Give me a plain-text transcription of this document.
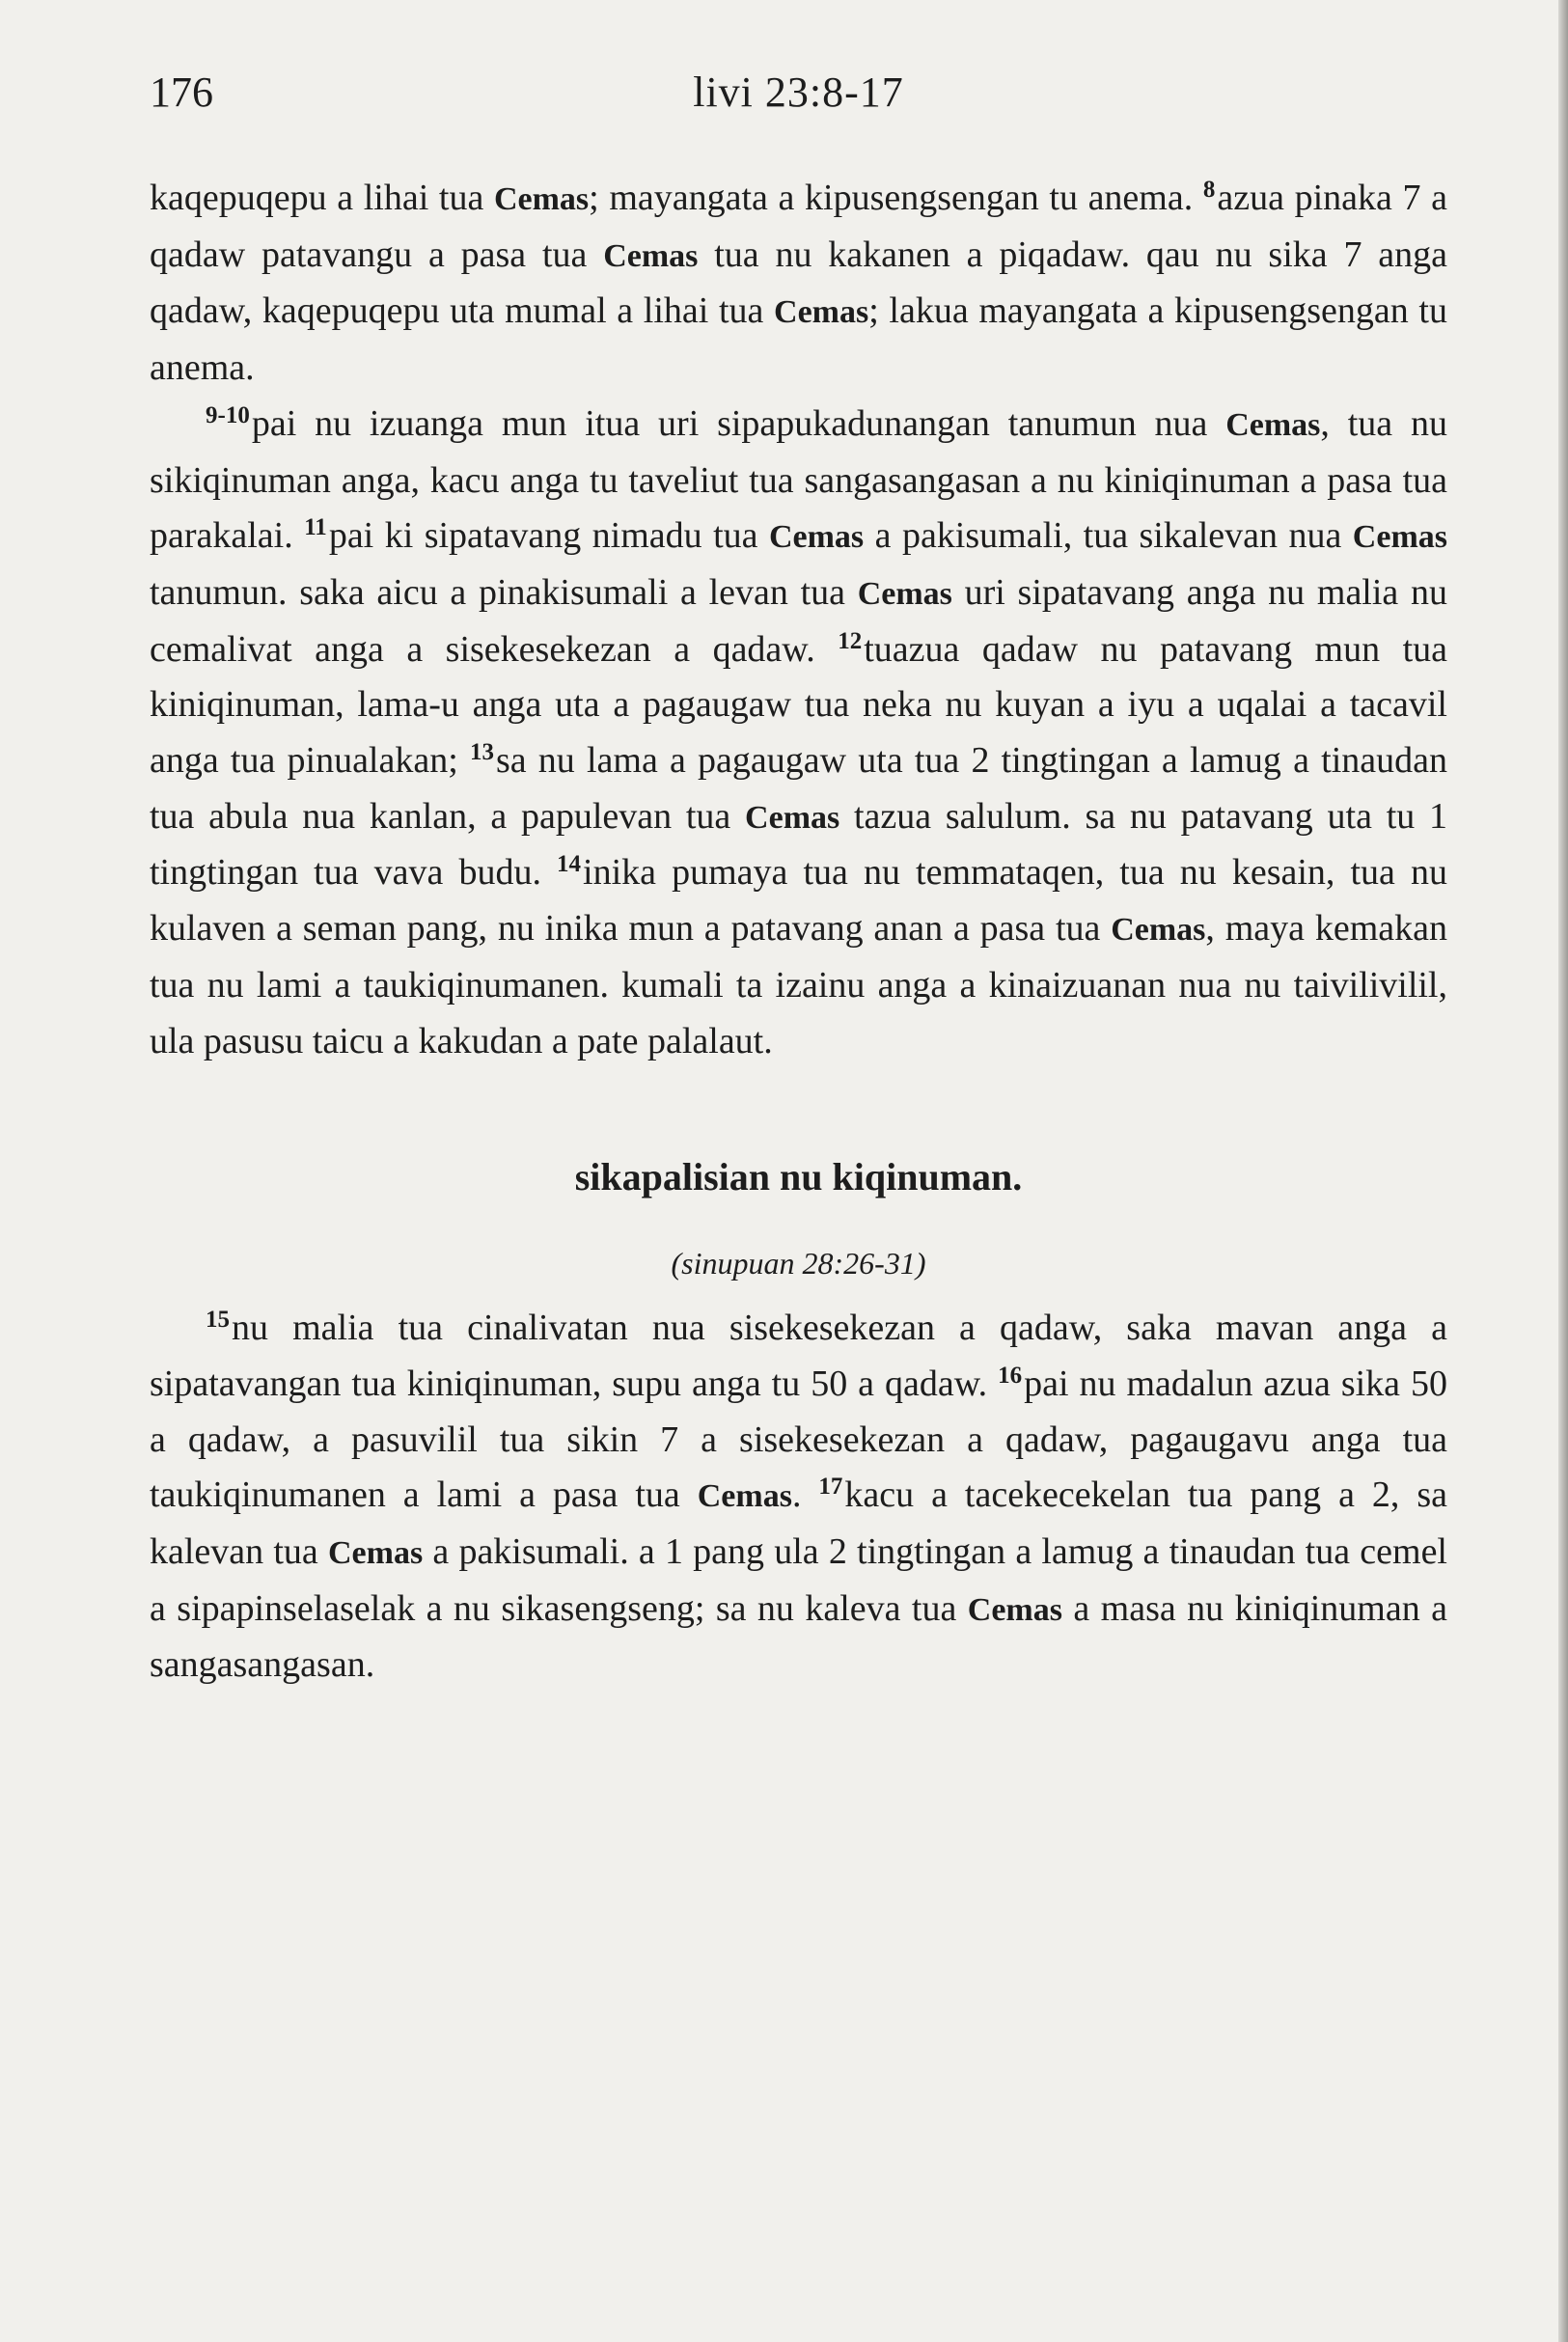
176	livi 23:8-17

kaqepuqepu a lihai tua Cemas; mayangata a kipusengsengan tu anema. $^8$azua pinaka 7 a qadaw patavangu a pasa tua Cemas tua nu kakanen a piqadaw. qau nu sika 7 anga qadaw, kaqepuqepu uta mumal a lihai tua Cemas; lakua mayangata a kipusengsengan tu anema.

$^{9-10}$pai nu izuanga mun itua uri sipapukadunangan tanumun nua Cemas, tua nu sikiqinuman anga, kacu anga tu taveliut tua sangasangasan a nu kiniqinuman a pasa tua parakalai. $^{11}$pai ki sipatavang nimadu tua Cemas a pakisumali, tua sikalevan nua Cemas tanumun. saka aicu a pinakisumali a levan tua Cemas uri sipatavang anga nu malia nu cemalivat anga a sisekesekezan a qadaw. $^{12}$tuazua qadaw nu patavang mun tua kiniqinuman, lama-u anga uta a pagaugaw tua neka nu kuyan a iyu a uqalai a tacavil anga tua pinualakan; $^{13}$sa nu lama a pagaugaw uta tua 2 tingtingan a lamug a tinaudan tua abula nua kanlan, a papulevan tua Cemas tazua salulum. sa nu patavang uta tu 1 tingtingan tua vava budu. $^{14}$inika pumaya tua nu temmataqen, tua nu kesain, tua nu kulaven a seman pang, nu inika mun a patavang anan a pasa tua Cemas, maya kemakan tua nu lami a taukiqinumanen. kumali ta izainu anga a kinaizuanan nua nu taivilivilil, ula pasusu taicu a kakudan a pate palalaut.

sikapalisian nu kiqinuman.
(sinupuan 28:26-31)

$^{15}$nu malia tua cinalivatan nua sisekesekezan a qadaw, saka mavan anga a sipatavangan tua kiniqinuman, supu anga tu 50 a qadaw. $^{16}$pai nu madalun azua sika 50 a qadaw, a pasuvilil tua sikin 7 a sisekesekezan a qadaw, pagaugavu anga tua taukiqinumanen a lami a pasa tua Cemas. $^{17}$kacu a tacekecekelan tua pang a 2, sa kalevan tua Cemas a pakisumali. a 1 pang ula 2 tingtingan a lamug a tinaudan tua cemel a sipapinselaselak a nu sikasengseng; sa nu kaleva tua Cemas a masa nu kiniqinuman a sangasangasan.
